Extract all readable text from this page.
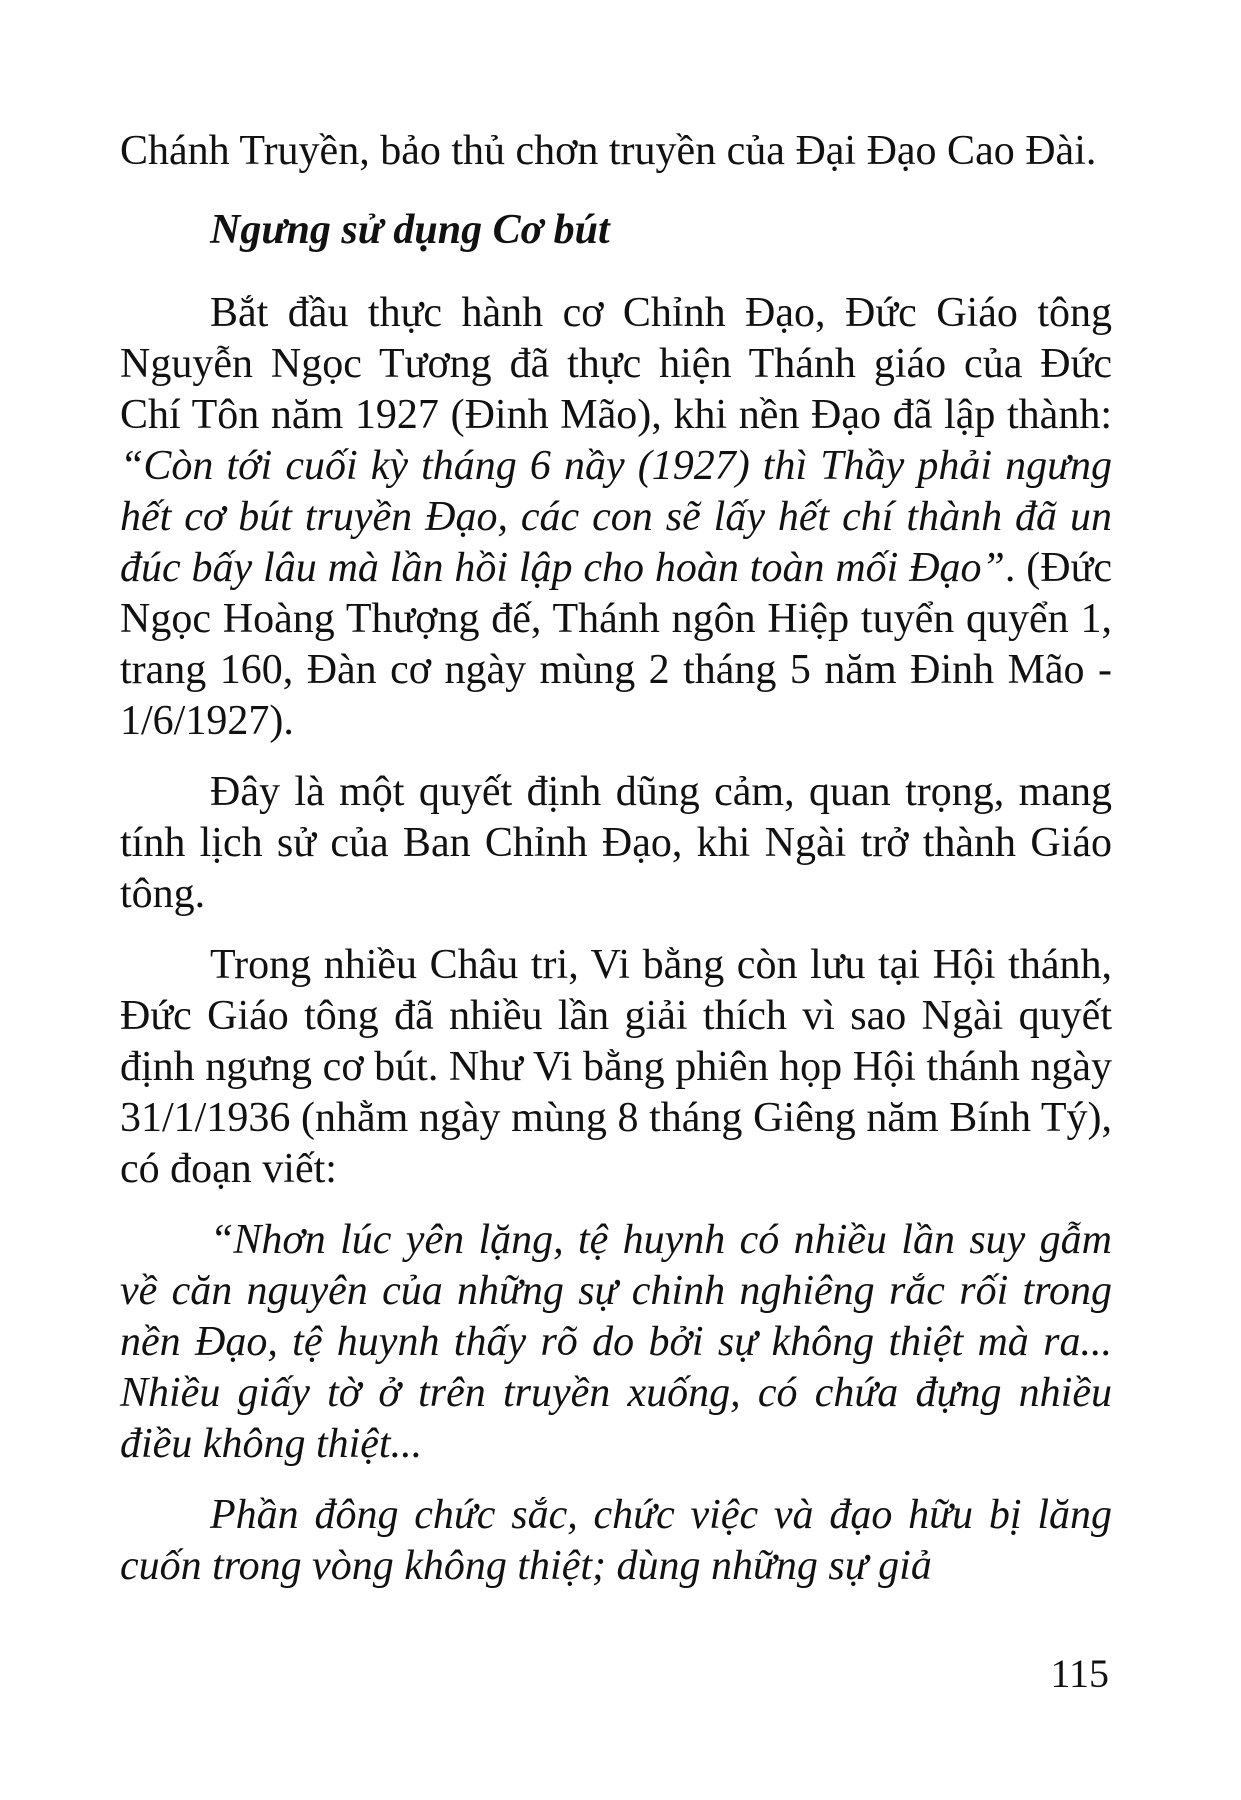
Chánh Truyền, bảo thủ chơn truyền của Đại Đạo Cao Đài.

Ngưng sử dụng Cơ bút

Bắt đầu thực hành cơ Chỉnh Đạo, Đức Giáo tông Nguyễn Ngọc Tương đã thực hiện Thánh giáo của Đức Chí Tôn năm 1927 (Đinh Mão), khi nền Đạo đã lập thành: “Còn tới cuối kỳ tháng 6 nầy (1927) thì Thầy phải ngưng hết cơ bút truyền Đạo, các con sẽ lấy hết chí thành đã un đúc bấy lâu mà lần hồi lập cho hoàn toàn mối Đạo”. (Đức Ngọc Hoàng Thượng đế, Thánh ngôn Hiệp tuyển quyển 1, trang 160, Đàn cơ ngày mùng 2 tháng 5 năm Đinh Mão - 1/6/1927).

Đây là một quyết định dũng cảm, quan trọng, mang tính lịch sử của Ban Chỉnh Đạo, khi Ngài trở thành Giáo tông.

Trong nhiều Châu tri, Vi bằng còn lưu tại Hội thánh, Đức Giáo tông đã nhiều lần giải thích vì sao Ngài quyết định ngưng cơ bút. Như Vi bằng phiên họp Hội thánh ngày 31/1/1936 (nhằm ngày mùng 8 tháng Giêng năm Bính Tý), có đoạn viết:

“Nhơn lúc yên lặng, tệ huynh có nhiều lần suy gẫm về căn nguyên của những sự chinh nghiêng rắc rối trong nền Đạo, tệ huynh thấy rõ do bởi sự không thiệt mà ra... Nhiều giấy tờ ở trên truyền xuống, có chứa đựng nhiều điều không thiệt...

Phần đông chức sắc, chức việc và đạo hữu bị lăng cuốn trong vòng không thiệt; dùng những sự giả

115
